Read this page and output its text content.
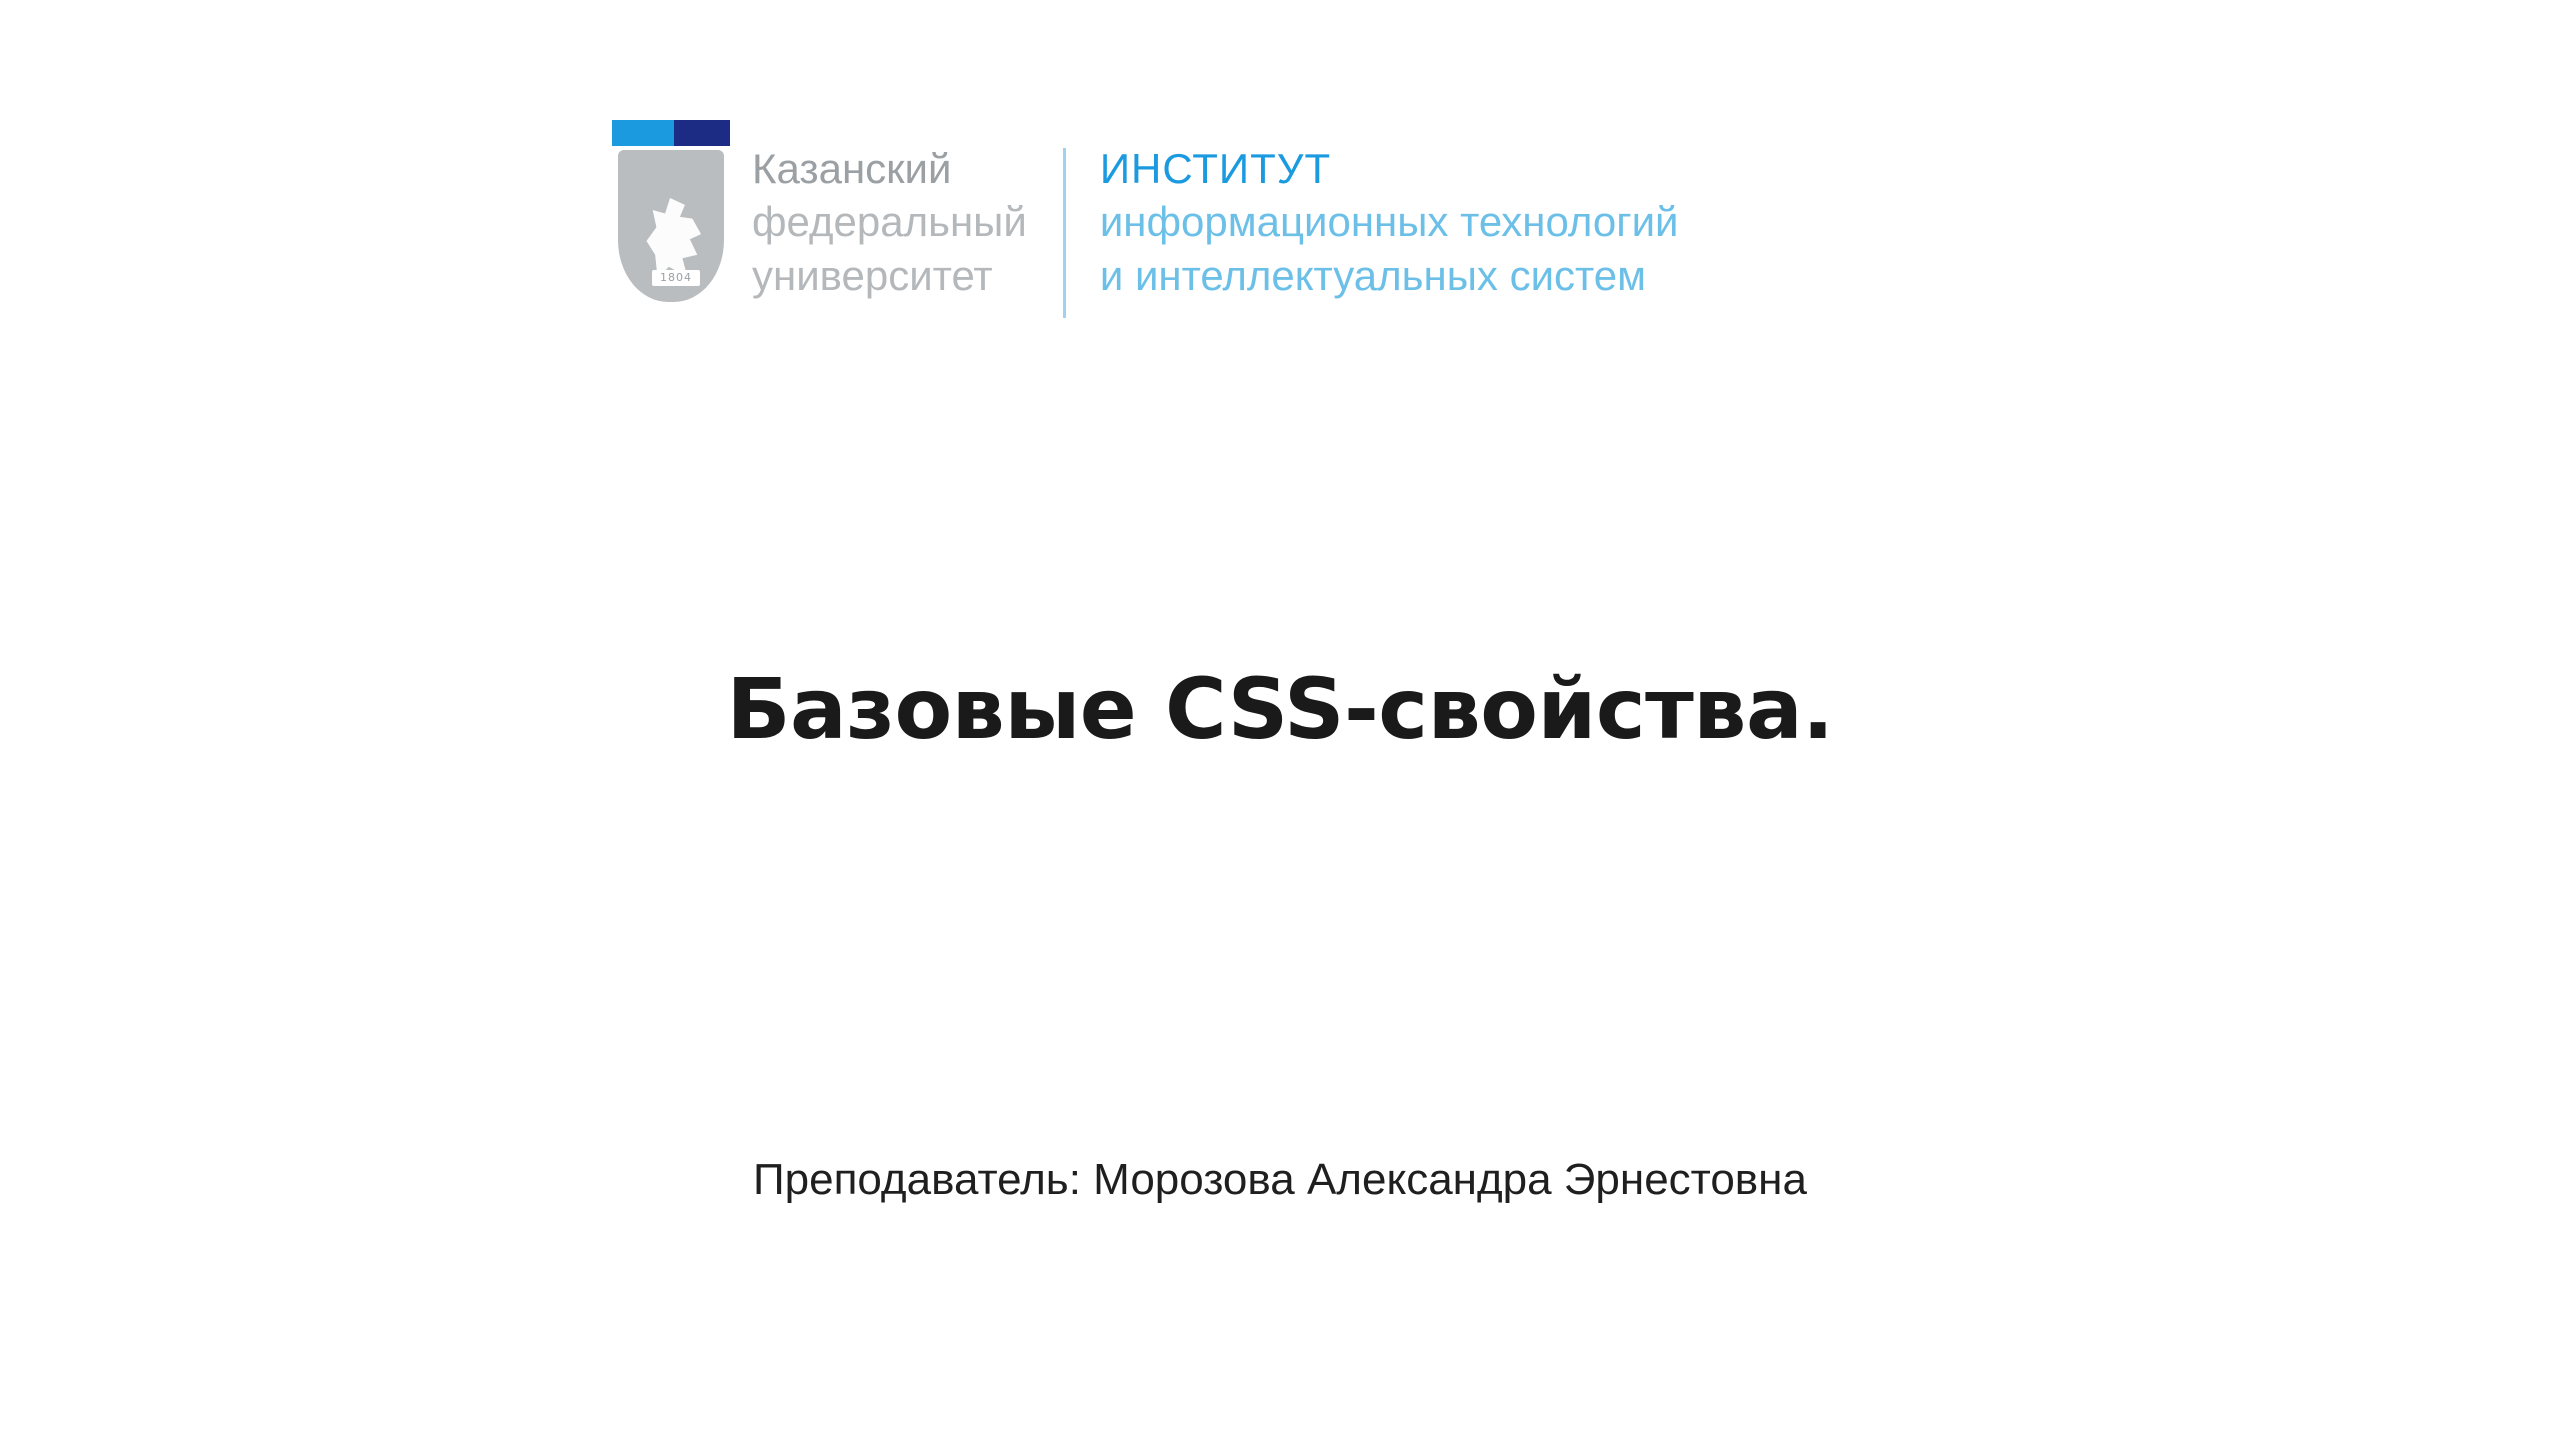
1804
Казанский
федеральный
университет
ИНСТИТУТ
информационных технологий
и интеллектуальных систем
Базовые CSS-свойства.
Преподаватель: Морозова Александра Эрнестовна
